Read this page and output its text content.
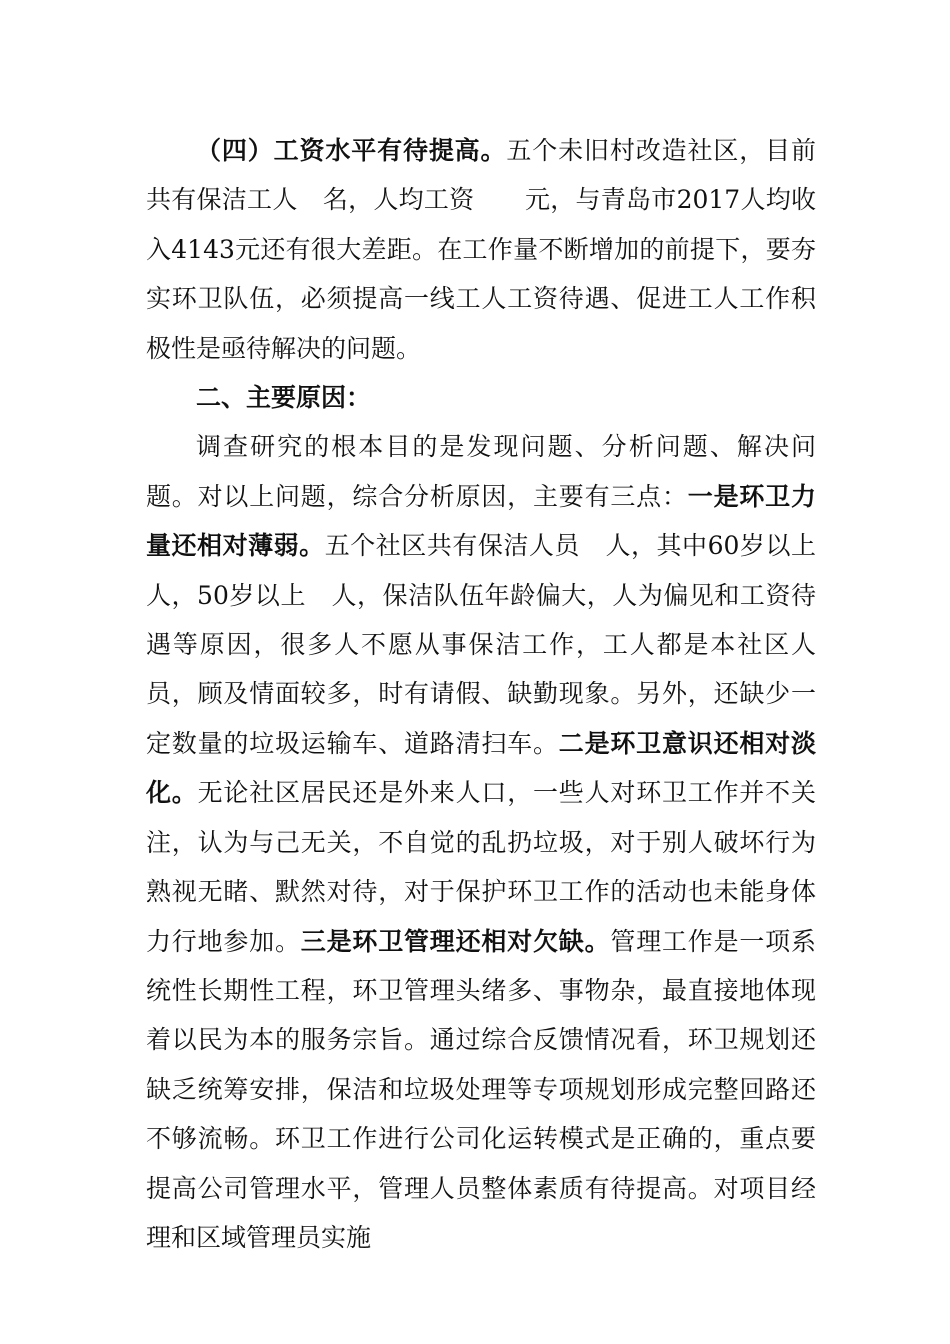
（四）工资水平有待提高。五个未旧村改造社区，目前共有保洁工人　名，人均工资　　元，与青岛市2017人均收入4143元还有很大差距。在工作量不断增加的前提下，要夯实环卫队伍，必须提高一线工人工资待遇、促进工人工作积极性是亟待解决的问题。

二、主要原因：

调查研究的根本目的是发现问题、分析问题、解决问题。对以上问题，综合分析原因，主要有三点：一是环卫力量还相对薄弱。五个社区共有保洁人员　人，其中60岁以上　人，50岁以上　人，保洁队伍年龄偏大，人为偏见和工资待遇等原因，很多人不愿从事保洁工作，工人都是本社区人员，顾及情面较多，时有请假、缺勤现象。另外，还缺少一定数量的垃圾运输车、道路清扫车。二是环卫意识还相对淡化。无论社区居民还是外来人口，一些人对环卫工作并不关注，认为与己无关，不自觉的乱扔垃圾，对于别人破坏行为熟视无睹、默然对待，对于保护环卫工作的活动也未能身体力行地参加。三是环卫管理还相对欠缺。管理工作是一项系统性长期性工程，环卫管理头绪多、事物杂，最直接地体现着以民为本的服务宗旨。通过综合反馈情况看，环卫规划还缺乏统筹安排，保洁和垃圾处理等专项规划形成完整回路还不够流畅。环卫工作进行公司化运转模式是正确的，重点要提高公司管理水平，管理人员整体素质有待提高。对项目经理和区域管理员实施
